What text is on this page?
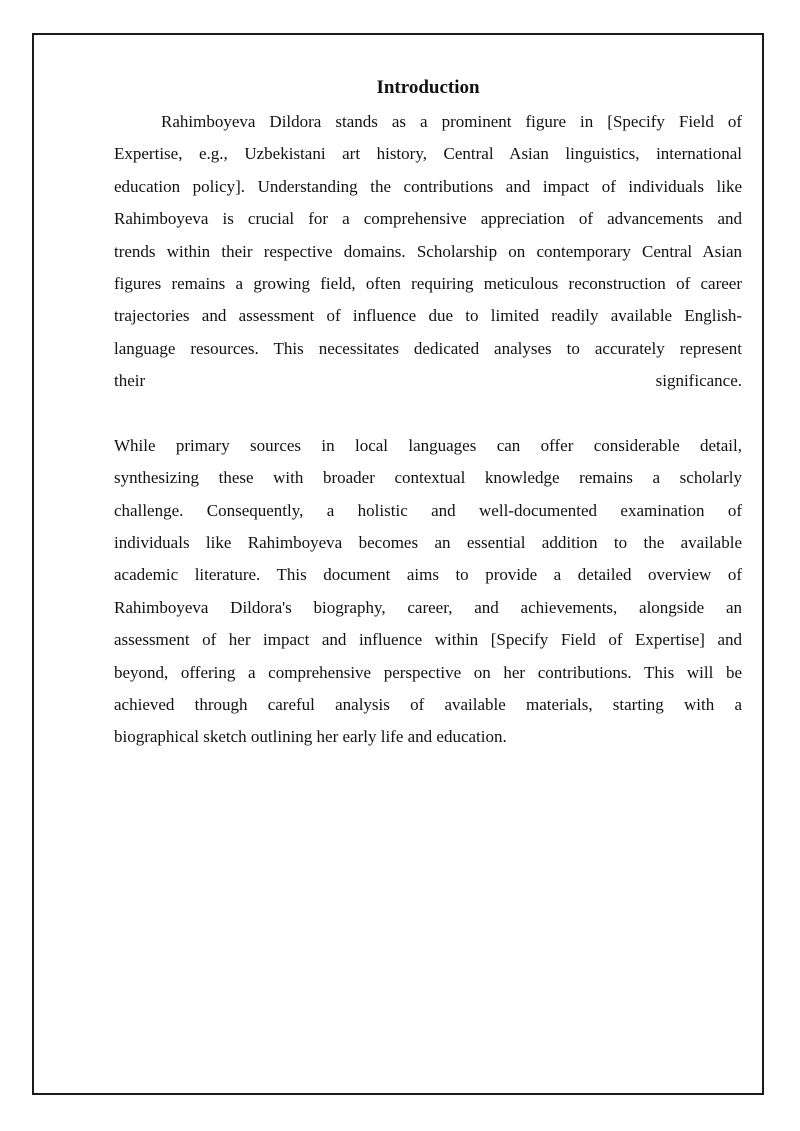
Introduction
Rahimboyeva Dildora stands as a prominent figure in [Specify Field of
Expertise, e.g., Uzbekistani art history, Central Asian linguistics, international
education policy]. Understanding the contributions and impact of individuals like
Rahimboyeva is crucial for a comprehensive appreciation of advancements and
trends within their respective domains. Scholarship on contemporary Central Asian
figures remains a growing field, often requiring meticulous reconstruction of career
trajectories and assessment of influence due to limited readily available English-
language resources. This necessitates dedicated analyses to accurately represent
their significance.
While primary sources in local languages can offer considerable detail,
synthesizing these with broader contextual knowledge remains a scholarly
challenge. Consequently, a holistic and well-documented examination of
individuals like Rahimboyeva becomes an essential addition to the available
academic literature. This document aims to provide a detailed overview of
Rahimboyeva Dildora's biography, career, and achievements, alongside an
assessment of her impact and influence within [Specify Field of Expertise] and
beyond, offering a comprehensive perspective on her contributions. This will be
achieved through careful analysis of available materials, starting with a
biographical sketch outlining her early life and education.
